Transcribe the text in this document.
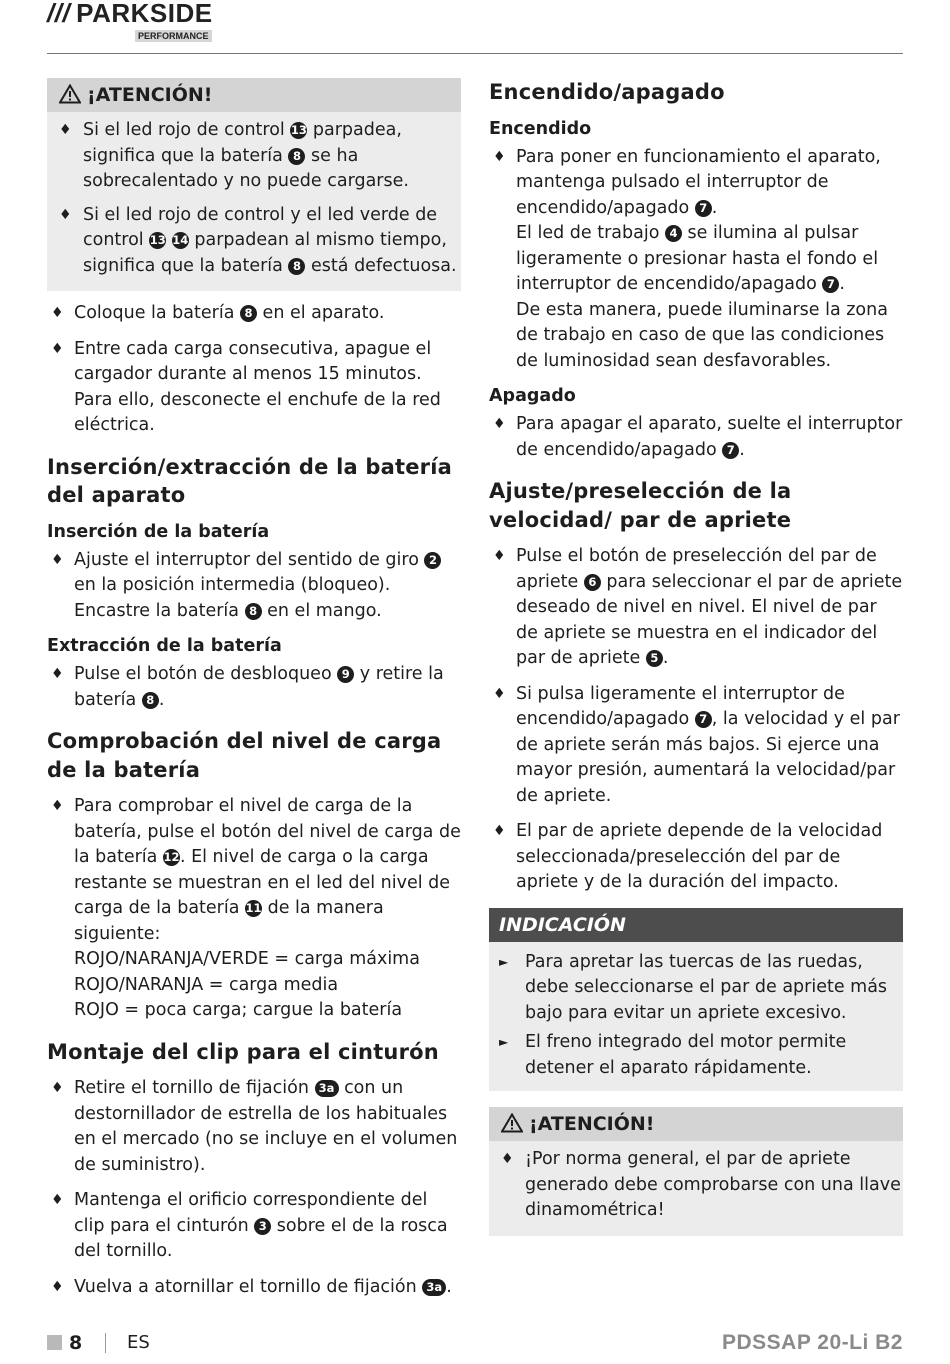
/// PARKSIDE
PERFORMANCE
¡ATENCIÓN!
♦ Si el led rojo de control 13 parpadea, significa que la batería 8 se ha sobrecalentado y no puede cargarse.
♦ Si el led rojo de control y el led verde de control 13 14 parpadean al mismo tiempo, significa que la batería 8 está defectuosa.
♦ Coloque la batería 8 en el aparato.
♦ Entre cada carga consecutiva, apague el cargador durante al menos 15 minutos. Para ello, desconecte el enchufe de la red eléctrica.
Inserción/extracción de la batería del aparato
Inserción de la batería
♦ Ajuste el interruptor del sentido de giro 2 en la posición intermedia (bloqueo). Encastre la batería 8 en el mango.
Extracción de la batería
♦ Pulse el botón de desbloqueo 9 y retire la batería 8 .
Comprobación del nivel de carga de la batería
♦ Para comprobar el nivel de carga de la batería, pulse el botón del nivel de carga de la batería 12. El nivel de carga o la carga restante se muestran en el led del nivel de carga de la batería 11 de la manera siguiente:
ROJO/NARANJA/VERDE = carga máxima
ROJO/NARANJA = carga media
ROJO = poca carga; cargue la batería
Montaje del clip para el cinturón
♦ Retire el tornillo de fijación 3a con un destornillador de estrella de los habituales en el mercado (no se incluye en el volumen de suministro).
♦ Mantenga el orificio correspondiente del clip para el cinturón 3 sobre el de la rosca del tornillo.
♦ Vuelva a atornillar el tornillo de fijación 3a .
Encendido/apagado
Encendido
♦ Para poner en funcionamiento el aparato, mantenga pulsado el interruptor de encendido/apagado 7 .
El led de trabajo 4 se ilumina al pulsar ligeramente o presionar hasta el fondo el interruptor de encendido/apagado 7 .
De esta manera, puede iluminarse la zona de trabajo en caso de que las condiciones de luminosidad sean desfavorables.
Apagado
♦ Para apagar el aparato, suelte el interruptor de encendido/apagado 7 .
Ajuste/preselección de la velocidad/ par de apriete
♦ Pulse el botón de preselección del par de apriete 6 para seleccionar el par de apriete deseado de nivel en nivel. El nivel de par de apriete se muestra en el indicador del par de apriete 5 .
♦ Si pulsa ligeramente el interruptor de encendido/apagado 7 , la velocidad y el par de apriete serán más bajos. Si ejerce una mayor presión, aumentará la velocidad/par de apriete.
♦ El par de apriete depende de la velocidad seleccionada/preselección del par de apriete y de la duración del impacto.
INDICACIÓN
► Para apretar las tuercas de las ruedas, debe seleccionarse el par de apriete más bajo para evitar un apriete excesivo.
► El freno integrado del motor permite detener el aparato rápidamente.
¡ATENCIÓN!
♦ ¡Por norma general, el par de apriete generado debe comprobarse con una llave dinamométrica!
8 ES	PDSSAP 20-Li B2
